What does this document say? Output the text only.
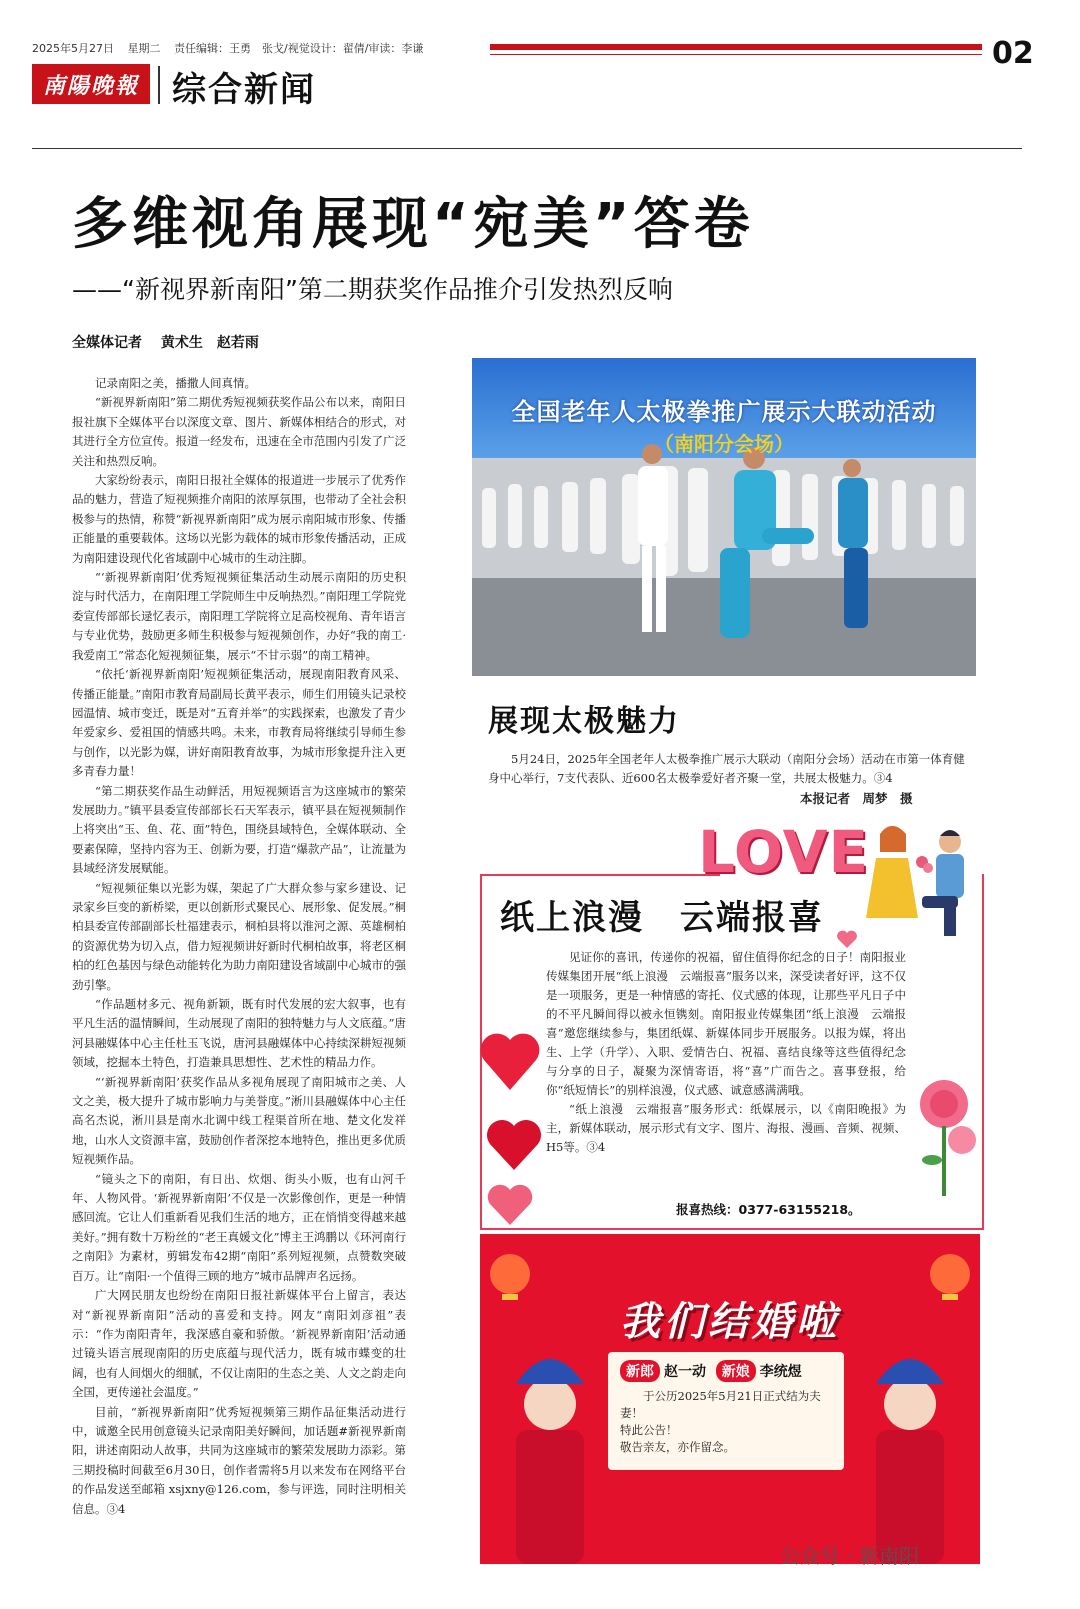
2025年5月27日 星期二 责任编辑：王勇　张戈/视觉设计：翟倩/审读：李谦	02
南陽晚報 综合新闻
多维视角展现“宛美”答卷
——“新视界新南阳”第二期获奖作品推介引发热烈反响
全媒体记者 黄术生　赵若雨

记录南阳之美，播撒人间真情。

“新视界新南阳”第二期优秀短视频获奖作品公布以来，南阳日报社旗下全媒体平台以深度文章、图片、新媒体相结合的形式，对其进行全方位宣传。报道一经发布，迅速在全市范围内引发了广泛关注和热烈反响。

大家纷纷表示，南阳日报社全媒体的报道进一步展示了优秀作品的魅力，营造了短视频推介南阳的浓厚氛围，也带动了全社会积极参与的热情，称赞“新视界新南阳”成为展示南阳城市形象、传播正能量的重要载体。这场以光影为载体的城市形象传播活动，正成为南阳建设现代化省域副中心城市的生动注脚。

“‘新视界新南阳’优秀短视频征集活动生动展示南阳的历史积淀与时代活力，在南阳理工学院师生中反响热烈。”南阳理工学院党委宣传部部长逯忆表示，南阳理工学院将立足高校视角、青年语言与专业优势，鼓励更多师生积极参与短视频创作，办好“我的南工·我爱南工”常态化短视频征集，展示“不甘示弱”的南工精神。

“依托‘新视界新南阳’短视频征集活动，展现南阳教育风采、传播正能量。”南阳市教育局副局长黄平表示，师生们用镜头记录校园温情、城市变迁，既是对“五育并举”的实践探索，也激发了青少年爱家乡、爱祖国的情感共鸣。未来，市教育局将继续引导师生参与创作，以光影为媒，讲好南阳教育故事，为城市形象提升注入更多青春力量！

“第二期获奖作品生动鲜活，用短视频语言为这座城市的繁荣发展助力。”镇平县委宣传部部长石天军表示，镇平县在短视频制作上将突出“玉、鱼、花、面”特色，围绕县域特色，全媒体联动、全要素保障，坚持内容为王、创新为要，打造“爆款产品”，让流量为县域经济发展赋能。

“短视频征集以光影为媒，架起了广大群众参与家乡建设、记录家乡巨变的新桥梁，更以创新形式聚民心、展形象、促发展。”桐柏县委宣传部副部长杜福建表示，桐柏县将以淮河之源、英雄桐柏的资源优势为切入点，借力短视频讲好新时代桐柏故事，将老区桐柏的红色基因与绿色动能转化为助力南阳建设省域副中心城市的强劲引擎。

“作品题材多元、视角新颖，既有时代发展的宏大叙事，也有平凡生活的温情瞬间，生动展现了南阳的独特魅力与人文底蕴。”唐河县融媒体中心主任杜玉飞说，唐河县融媒体中心持续深耕短视频领域，挖掘本土特色，打造兼具思想性、艺术性的精品力作。

“‘新视界新南阳’获奖作品从多视角展现了南阳城市之美、人文之美，极大提升了城市影响力与美誉度。”淅川县融媒体中心主任高名杰说，淅川县是南水北调中线工程渠首所在地、楚文化发祥地，山水人文资源丰富，鼓励创作者深挖本地特色，推出更多优质短视频作品。

“镜头之下的南阳，有日出、炊烟、街头小贩，也有山河千年、人物风骨。‘新视界新南阳’不仅是一次影像创作，更是一种情感回流。它让人们重新看见我们生活的地方，正在悄悄变得越来越美好。”拥有数十万粉丝的“老王真媛文化”博主王鸿鹏以《环河南行之南阳》为素材，剪辑发布42期“南阳”系列短视频，点赞数突破百万。让“南阳·一个值得三顾的地方”城市品牌声名远扬。

广大网民朋友也纷纷在南阳日报社新媒体平台上留言，表达对“新视界新南阳”活动的喜爱和支持。网友“南阳刘彦祖”表示：“作为南阳青年，我深感自豪和骄傲。‘新视界新南阳’活动通过镜头语言展现南阳的历史底蕴与现代活力，既有城市蝶变的壮阔，也有人间烟火的细腻，不仅让南阳的生态之美、人文之韵走向全国，更传递社会温度。”

目前，“新视界新南阳”优秀短视频第三期作品征集活动进行中，诚邀全民用创意镜头记录南阳美好瞬间，加话题#新视界新南阳，讲述南阳动人故事，共同为这座城市的繁荣发展助力添彩。第三期投稿时间截至6月30日，创作者需将5月以来发布在网络平台的作品发送至邮箱 xsjxny@126.com，参与评选，同时注明相关信息。③4

全国老年人太极拳推广展示大联动活动
（南阳分会场）
展现太极魅力

5月24日，2025年全国老年人太极拳推广展示大联动（南阳分会场）活动在市第一体育健身中心举行，7支代表队、近600名太极拳爱好者齐聚一堂，共展太极魅力。③4

本报记者　周梦　摄
LOVE
纸上浪漫　云端报喜

见证你的喜讯，传递你的祝福，留住值得你纪念的日子！南阳报业传媒集团开展“纸上浪漫　云端报喜”服务以来，深受读者好评，这不仅是一项服务，更是一种情感的寄托、仪式感的体现，让那些平凡日子中的不平凡瞬间得以被永恒镌刻。南阳报业传媒集团“纸上浪漫　云端报喜”邀您继续参与，集团纸媒、新媒体同步开展服务。以报为媒，将出生、上学（升学）、入职、爱情告白、祝福、喜结良缘等这些值得纪念与分享的日子，凝聚为深情寄语，将“喜”广而告之。喜事登报，给你“纸短情长”的别样浪漫，仪式感、诚意感满满哦。

“纸上浪漫　云端报喜”服务形式：纸媒展示，以《南阳晚报》为主，新媒体联动，展示形式有文字、图片、海报、漫画、音频、视频、H5等。③4

报喜热线：0377-63155218。
我们结婚啦
新郎 赵一动 新娘 李统煜

于公历2025年5月21日正式结为夫妻！

特此公告！

敬告亲友，亦作留念。

公众号 · 新南阳
